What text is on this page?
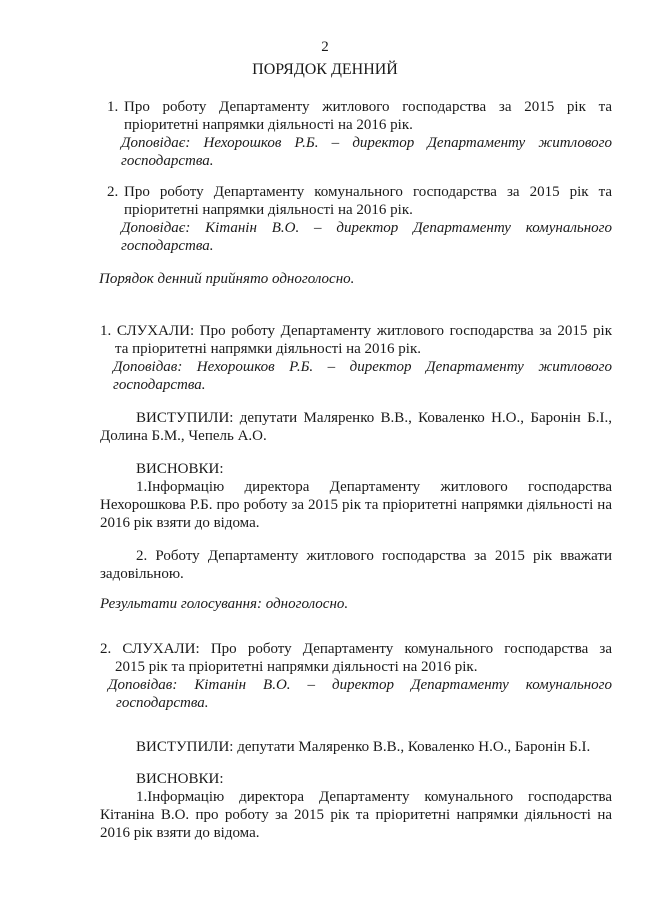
2
ПОРЯДОК ДЕННИЙ
1. Про роботу Департаменту житлового господарства за 2015 рік та
пріоритетні напрямки діяльності на 2016 рік.
Доповідає: Нехорошков Р.Б. – директор Департаменту житлового
господарства.
2. Про роботу Департаменту комунального господарства за 2015 рік та
пріоритетні напрямки діяльності на 2016 рік.
Доповідає: Кітанін В.О. – директор Департаменту комунального
господарства.
Порядок денний прийнято одноголосно.
1. СЛУХАЛИ: Про роботу Департаменту житлового господарства за 2015 рік
та пріоритетні напрямки діяльності на 2016 рік.
Доповідав: Нехорошков Р.Б. – директор Департаменту житлового
господарства.
ВИСТУПИЛИ: депутати Маляренко В.В., Коваленко Н.О., Баронін Б.І.,
Долина Б.М., Чепель А.О.
ВИСНОВКИ:
1.Інформацію директора Департаменту житлового господарства
Нехорошкова Р.Б. про роботу за 2015 рік та пріоритетні напрямки діяльності на
2016 рік взяти до відома.
2. Роботу Департаменту житлового господарства за 2015 рік вважати
задовільною.
Результати голосування: одноголосно.
2. СЛУХАЛИ: Про роботу Департаменту комунального господарства за
2015 рік та пріоритетні напрямки діяльності на 2016 рік.
Доповідав: Кітанін В.О. – директор Департаменту комунального
господарства.
ВИСТУПИЛИ: депутати Маляренко В.В., Коваленко Н.О., Баронін Б.І.
ВИСНОВКИ:
1.Інформацію директора Департаменту комунального господарства
Кітаніна В.О. про роботу за 2015 рік та пріоритетні напрямки діяльності на
2016 рік взяти до відома.
